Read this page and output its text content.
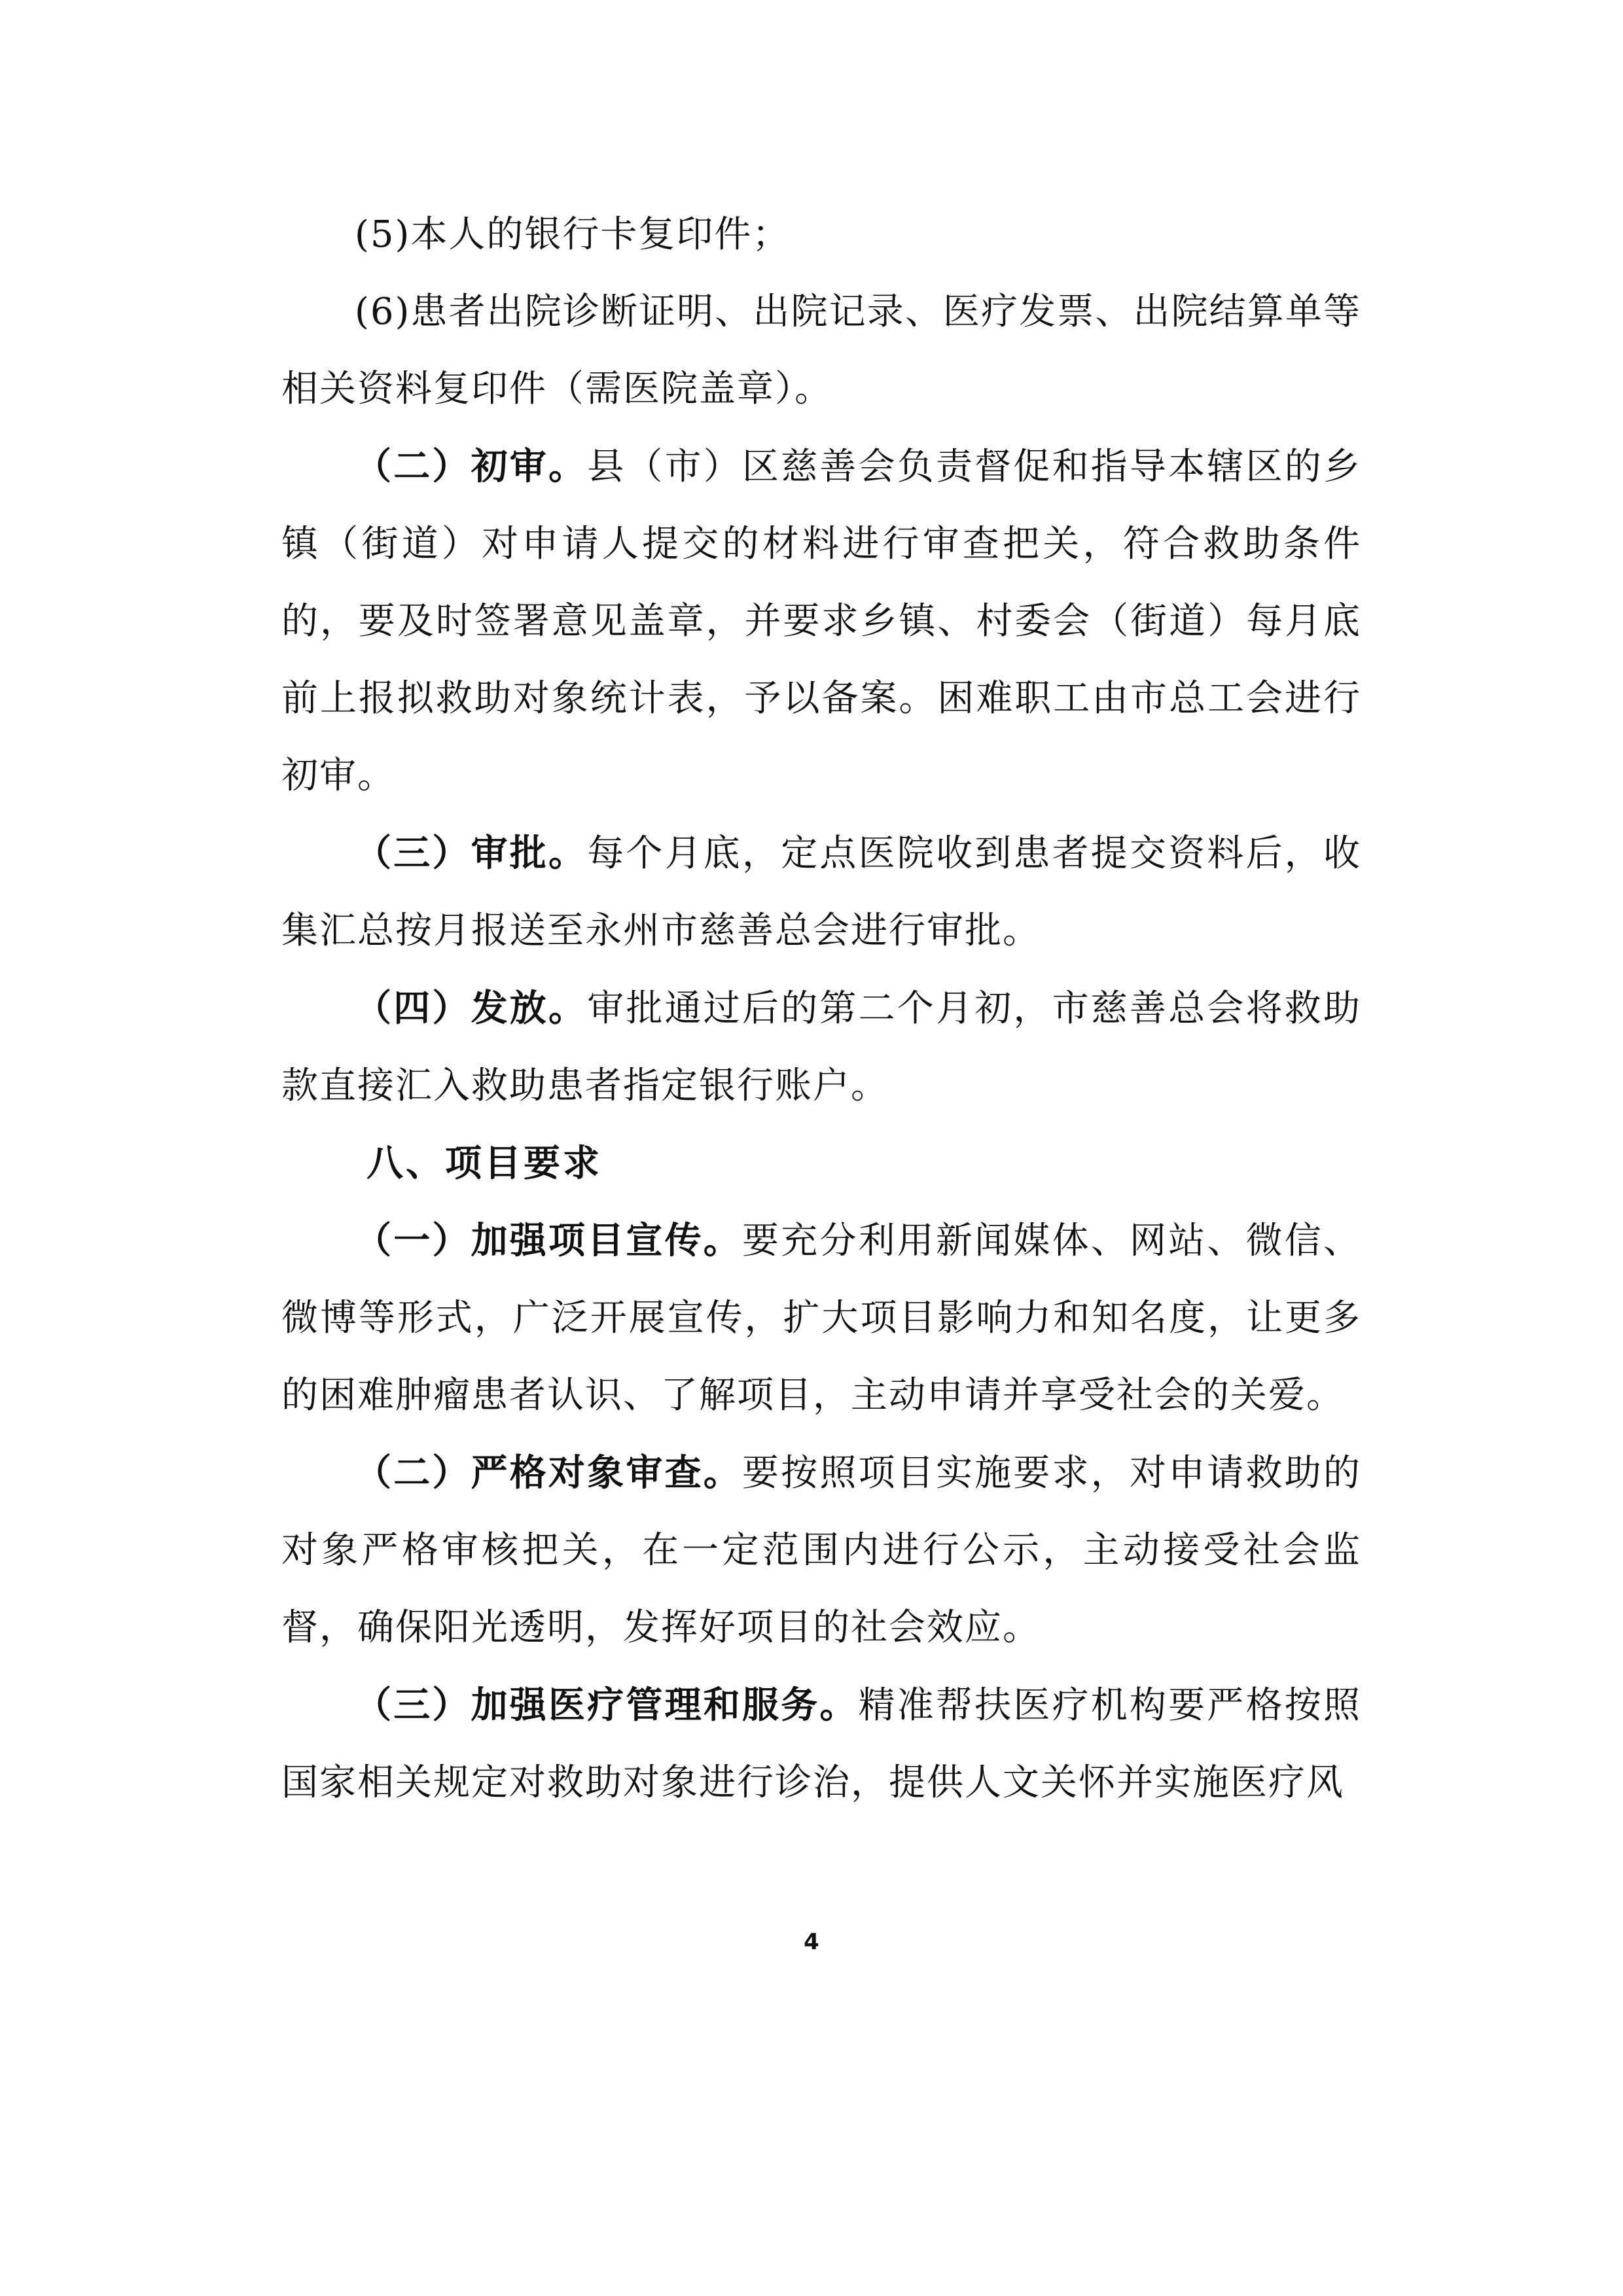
(5)本人的银行卡复印件；

(6)患者出院诊断证明、出院记录、医疗发票、出院结算单等相关资料复印件（需医院盖章）。

（二）初审。县（市）区慈善会负责督促和指导本辖区的乡镇（街道）对申请人提交的材料进行审查把关，符合救助条件的，要及时签署意见盖章，并要求乡镇、村委会（街道）每月底前上报拟救助对象统计表，予以备案。困难职工由市总工会进行初审。

（三）审批。每个月底，定点医院收到患者提交资料后，收集汇总按月报送至永州市慈善总会进行审批。

（四）发放。审批通过后的第二个月初，市慈善总会将救助款直接汇入救助患者指定银行账户。

八、项目要求

（一）加强项目宣传。要充分利用新闻媒体、网站、微信、微博等形式，广泛开展宣传，扩大项目影响力和知名度，让更多的困难肿瘤患者认识、了解项目，主动申请并享受社会的关爱。

（二）严格对象审查。要按照项目实施要求，对申请救助的对象严格审核把关，在一定范围内进行公示，主动接受社会监督，确保阳光透明，发挥好项目的社会效应。

（三）加强医疗管理和服务。精准帮扶医疗机构要严格按照国家相关规定对救助对象进行诊治，提供人文关怀并实施医疗风

4
